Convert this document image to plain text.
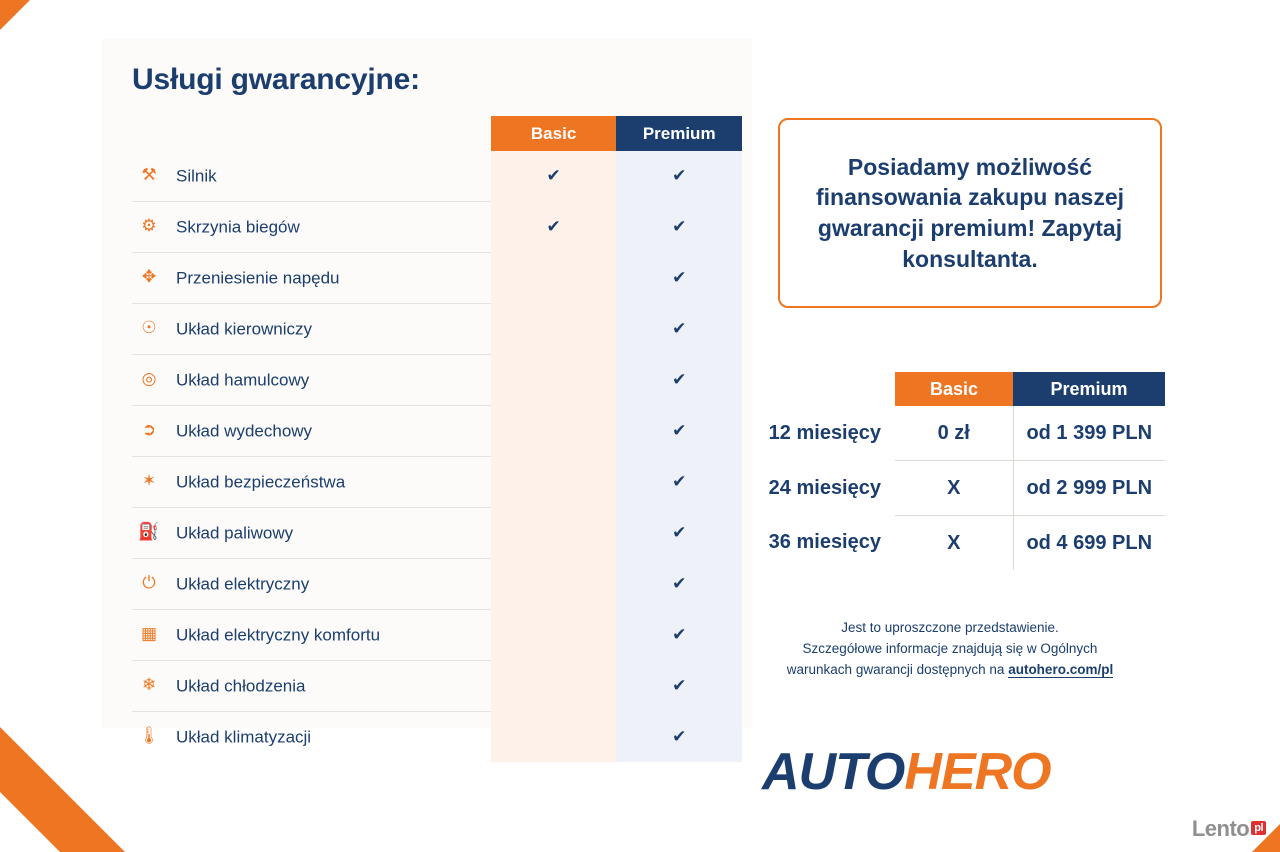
Usługi gwarancyjne:
	Basic	Premium
⚒ Silnik	✔	✔
⚙ Skrzynia biegów	✔	✔
✥ Przeniesienie napędu		✔
☉ Układ kierowniczy		✔
◎ Układ hamulcowy		✔
➲ Układ wydechowy		✔
✶ Układ bezpieczeństwa		✔
⛽ Układ paliwowy		✔
⏻ Układ elektryczny		✔
▦ Układ elektryczny komfortu		✔
❄ Układ chłodzenia		✔
🌡 Układ klimatyzacji		✔
Posiadamy możliwość finansowania zakupu naszej gwarancji premium! Zapytaj konsultanta.
	Basic	Premium
12 miesięcy	0 zł	od 1 399 PLN
24 miesięcy	X	od 2 999 PLN
36 miesięcy	X	od 4 699 PLN
Jest to uproszczone przedstawienie.
Szczegółowe informacje znajdują się w Ogólnych
warunkach gwarancji dostępnych na autohero.com/pl
AUTOHERO
Lento pl
